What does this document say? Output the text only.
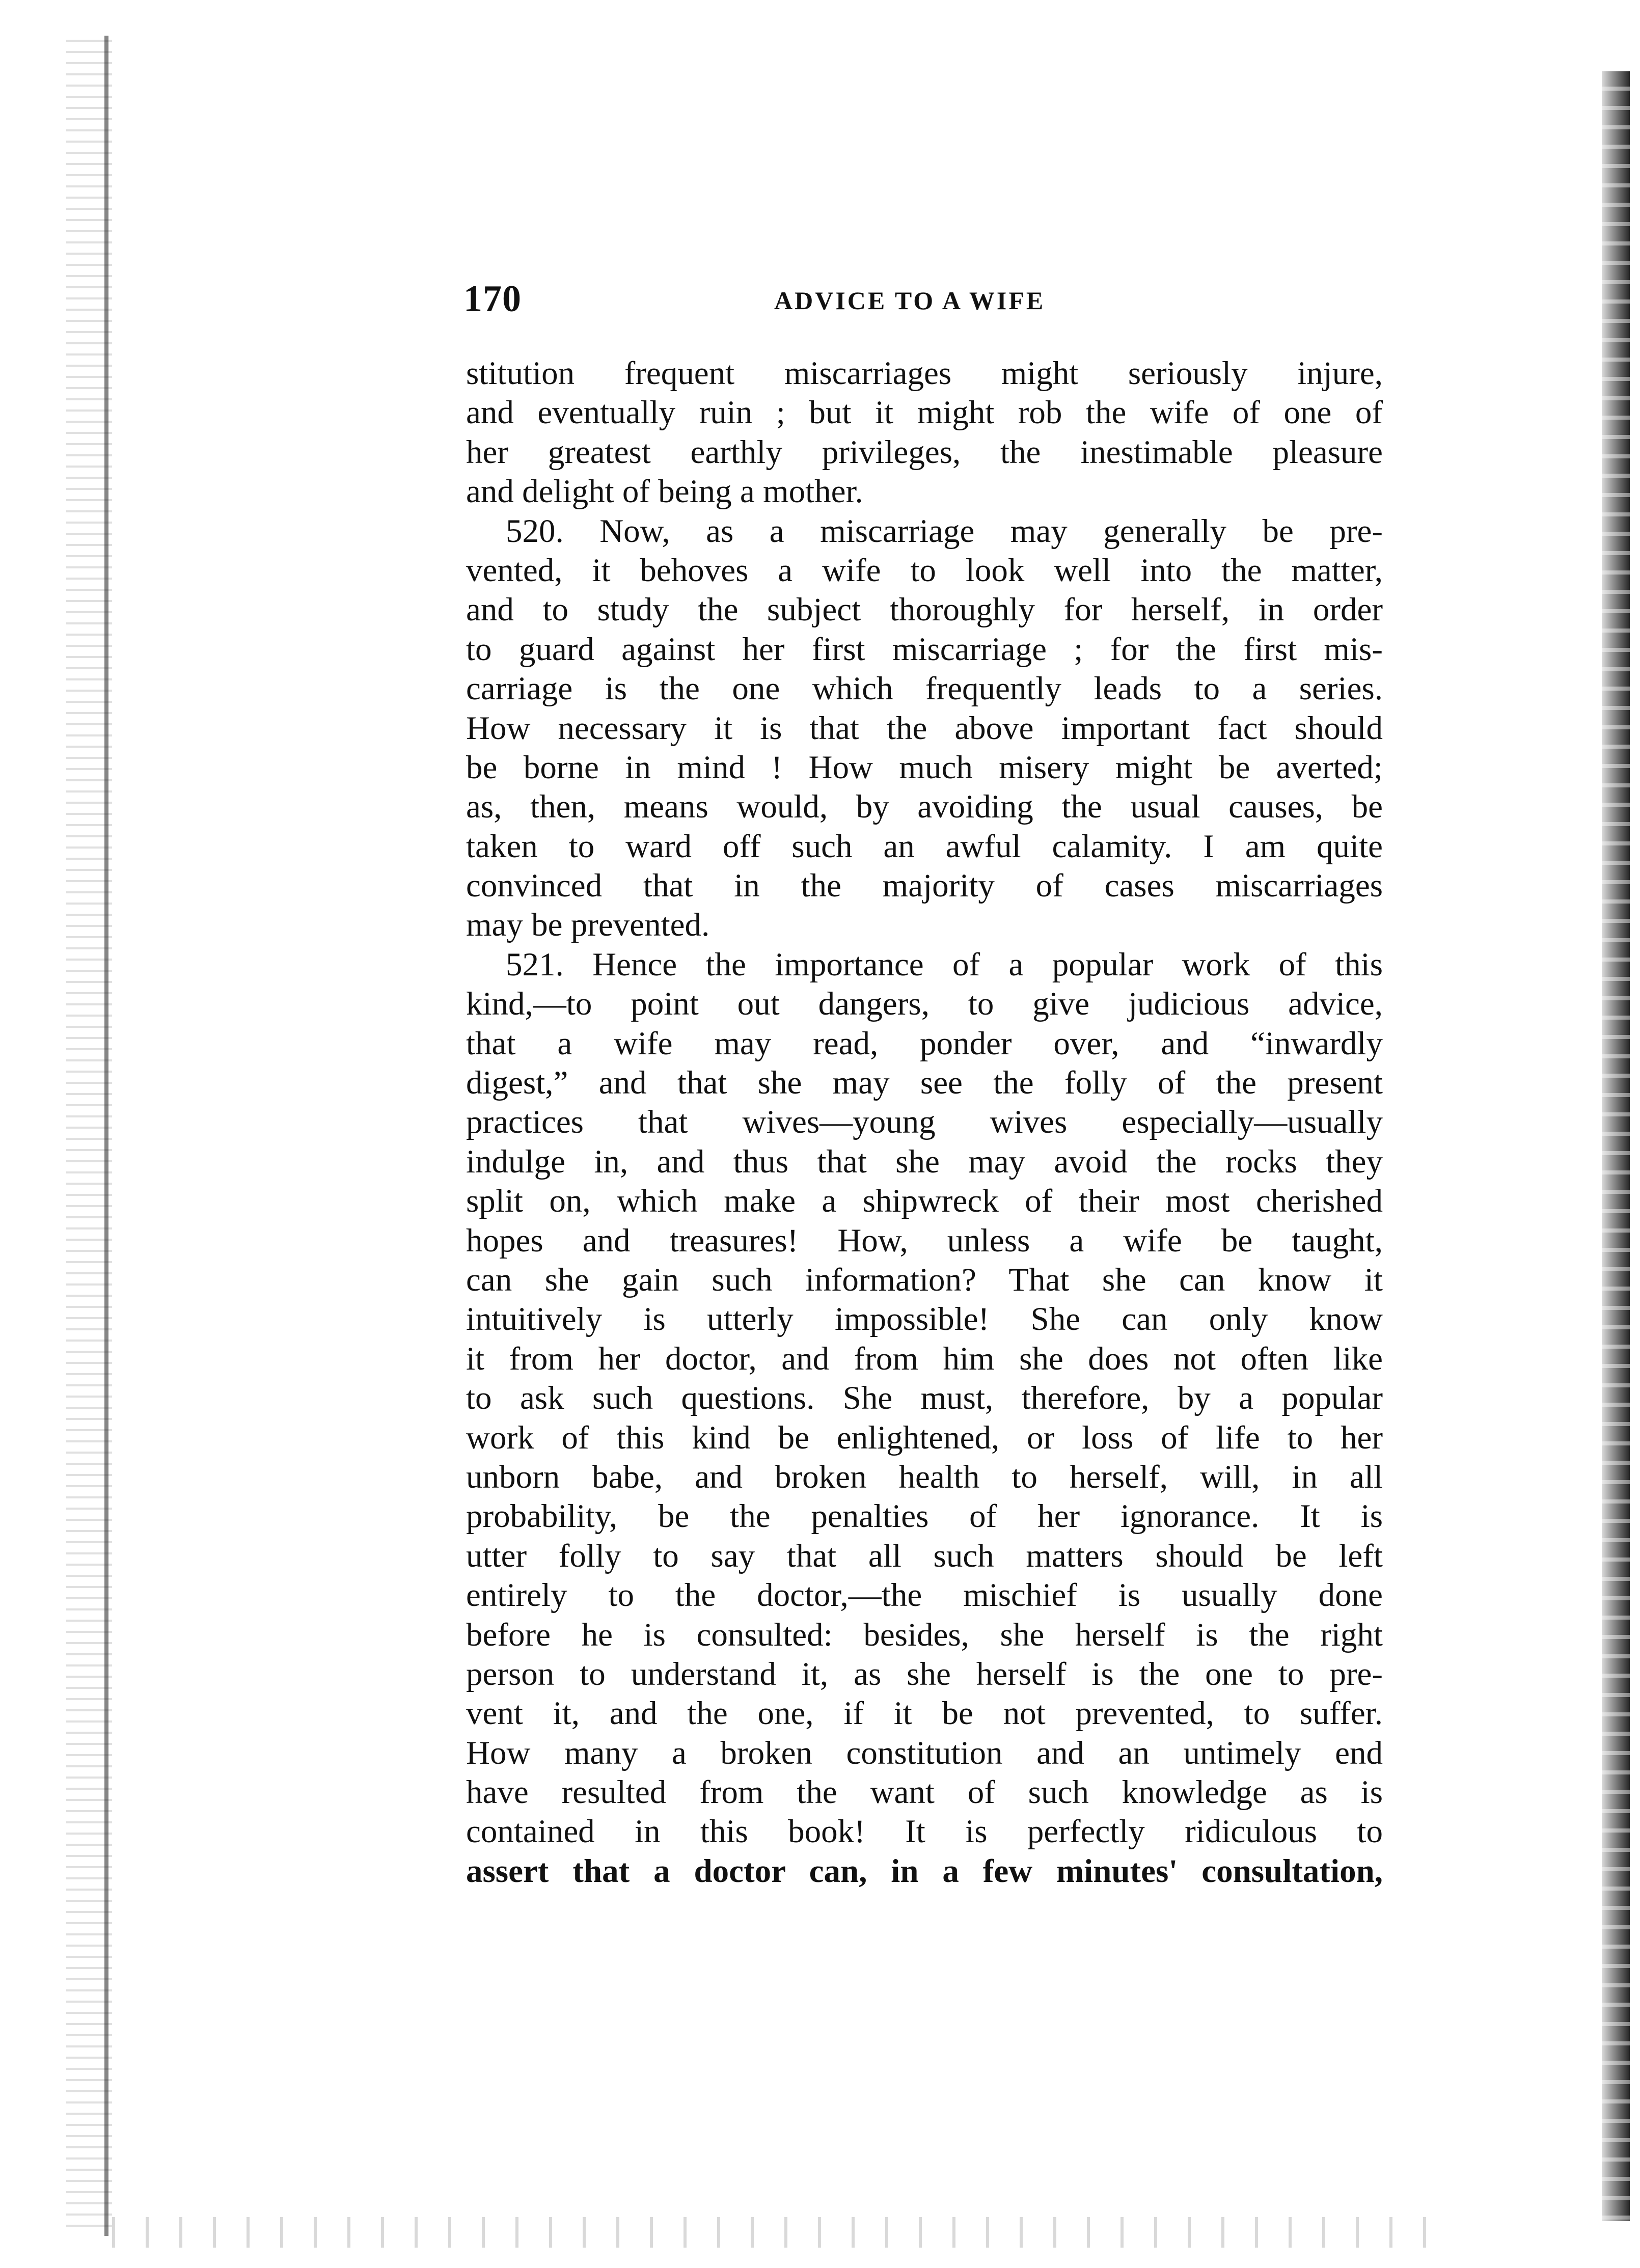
170	ADVICE TO A WIFE
stitution frequent miscarriages might seriously injure,
and eventually ruin ; but it might rob the wife of one of
her greatest earthly privileges, the inestimable pleasure
and delight of being a mother.
520. Now, as a miscarriage may generally be pre-
vented, it behoves a wife to look well into the matter,
and to study the subject thoroughly for herself, in order
to guard against her first miscarriage ; for the first mis-
carriage is the one which frequently leads to a series.
How necessary it is that the above important fact should
be borne in mind ! How much misery might be averted;
as, then, means would, by avoiding the usual causes, be
taken to ward off such an awful calamity. I am quite
convinced that in the majority of cases miscarriages
may be prevented.
521. Hence the importance of a popular work of this
kind,—to point out dangers, to give judicious advice,
that a wife may read, ponder over, and “inwardly
digest,” and that she may see the folly of the present
practices that wives—young wives especially—usually
indulge in, and thus that she may avoid the rocks they
split on, which make a shipwreck of their most cherished
hopes and treasures! How, unless a wife be taught,
can she gain such information? That she can know it
intuitively is utterly impossible! She can only know
it from her doctor, and from him she does not often like
to ask such questions. She must, therefore, by a popular
work of this kind be enlightened, or loss of life to her
unborn babe, and broken health to herself, will, in all
probability, be the penalties of her ignorance. It is
utter folly to say that all such matters should be left
entirely to the doctor,—the mischief is usually done
before he is consulted: besides, she herself is the right
person to understand it, as she herself is the one to pre-
vent it, and the one, if it be not prevented, to suffer.
How many a broken constitution and an untimely end
have resulted from the want of such knowledge as is
contained in this book! It is perfectly ridiculous to
assert that a doctor can, in a few minutes' consultation,
